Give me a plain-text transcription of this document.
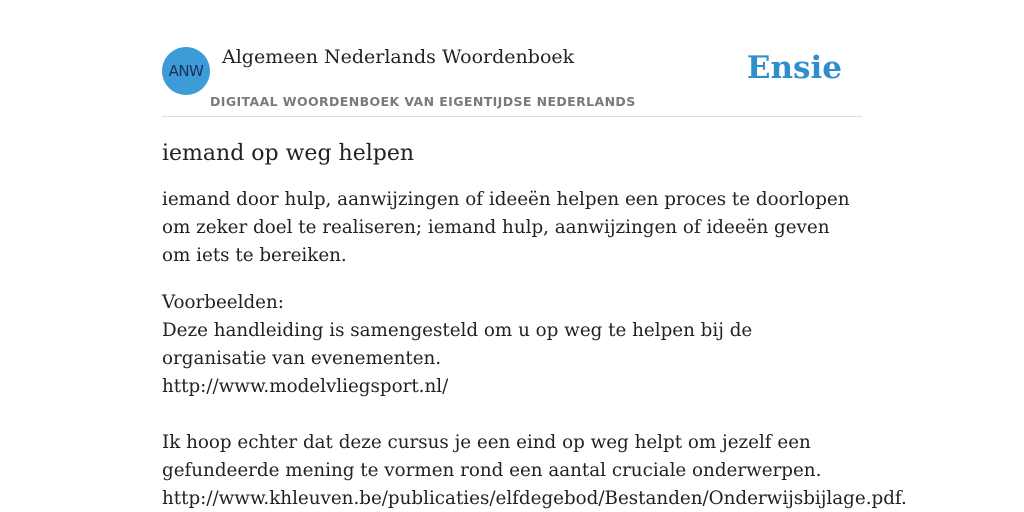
ANW
Algemeen Nederlands Woordenboek
DIGITAAL WOORDENBOEK VAN EIGENTIJDSE NEDERLANDS
Ensie
iemand op weg helpen

iemand door hulp, aanwijzingen of ideeën helpen een proces te doorlopen om zeker doel te realiseren; iemand hulp, aanwijzingen of ideeën geven om iets te bereiken.

Voorbeelden:
Deze handleiding is samengesteld om u op weg te helpen bij de organisatie van evenementen.
http://www.modelvliegsport.nl/
Ik hoop echter dat deze cursus je een eind op weg helpt om jezelf een gefundeerde mening te vormen rond een aantal cruciale onderwerpen.
http://www.khleuven.be/publicaties/elfdegebod/Bestanden/Onderwijsbijlage.pdf.
